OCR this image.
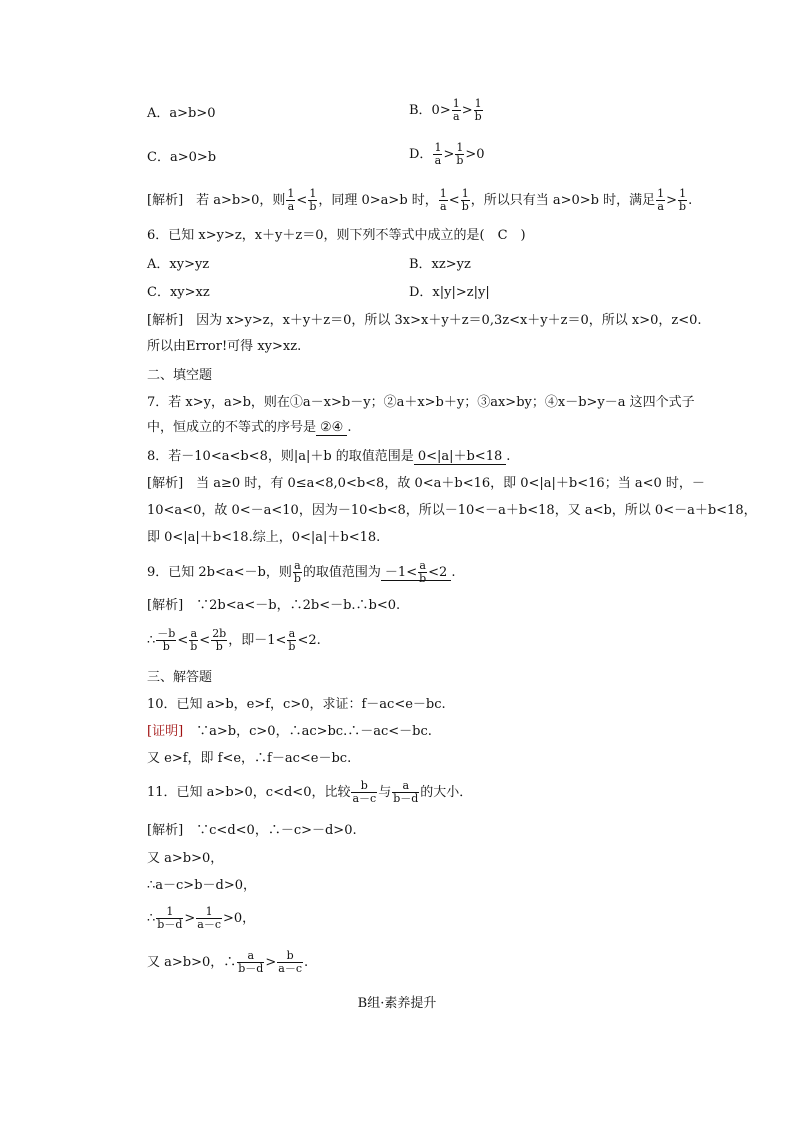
A．a>b>0	B．$0> \frac{1}{a} > \frac{1}{b}$
C．a>0>b	D． $\frac{1}{a} > \frac{1}{b} >0$
[解析]　若 a>b>0，则 $\frac{1}{a} < \frac{1}{b}$ ，同理 0>a>b 时， $\frac{1}{a} < \frac{1}{b}$ ，所以只有当 a>0>b 时，满足 $\frac{1}{a} > \frac{1}{b}$ .
6．已知 x>y>z，x＋y＋z＝0，则下列不等式中成立的是(　C　)
A．xy>yz	B．xz>yz
C．xy>xz	D．x|y|>z|y|
[解析]　因为 x>y>z，x＋y＋z＝0，所以 3x>x＋y＋z＝0,3z<x＋y＋z＝0，所以 x>0，z<0.
所以由Error!可得 xy>xz.
二、填空题
7．若 x>y，a>b，则在①a－x>b－y；②a＋x>b＋y；③ax>by；④x－b>y－a 这四个式子
中，恒成立的不等式的序号是 ②④ .
8．若－10<a<b<8，则|a|＋b 的取值范围是 0<|a|＋b<18 .
[解析]　当 a≥0 时，有 0≤a<8,0<b<8，故 0<a＋b<16，即 0<|a|＋b<16；当 a<0 时，－
10<a<0，故 0<－a<10，因为－10<b<8，所以－10<－a＋b<18，又 a<b，所以 0<－a＋b<18，
即 0<|a|＋b<18.综上，0<|a|＋b<18.
9．已知 2b<a<－b，则 $\frac{a}{b}$ 的取值范围为 $-1< \frac{a}{b} <2$ .
[解析]　∵2b<a<－b，∴2b<－b.∴b<0.
∴ $\frac{-b}{b} < \frac{a}{b} < \frac{2b}{b}$ ，即$-1< \frac{a}{b} <2$.
三、解答题
10．已知 a>b，e>f，c>0，求证：f－ac<e－bc.
[证明]　∵a>b，c>0，∴ac>bc.∴－ac<－bc.
又 e>f，即 f<e，∴f－ac<e－bc.
11．已知 a>b>0，c<d<0，比较 $\frac{b}{a-c}$ 与 $\frac{a}{b-d}$ 的大小．
[解析]　∵c<d<0，∴－c>－d>0.
又 a>b>0，
∴a－c>b－d>0，
∴ $\frac{1}{b-d} > \frac{1}{a-c} >0$，
又 a>b>0，∴ $\frac{a}{b-d} > \frac{b}{a-c}$ .
B组·素养提升
